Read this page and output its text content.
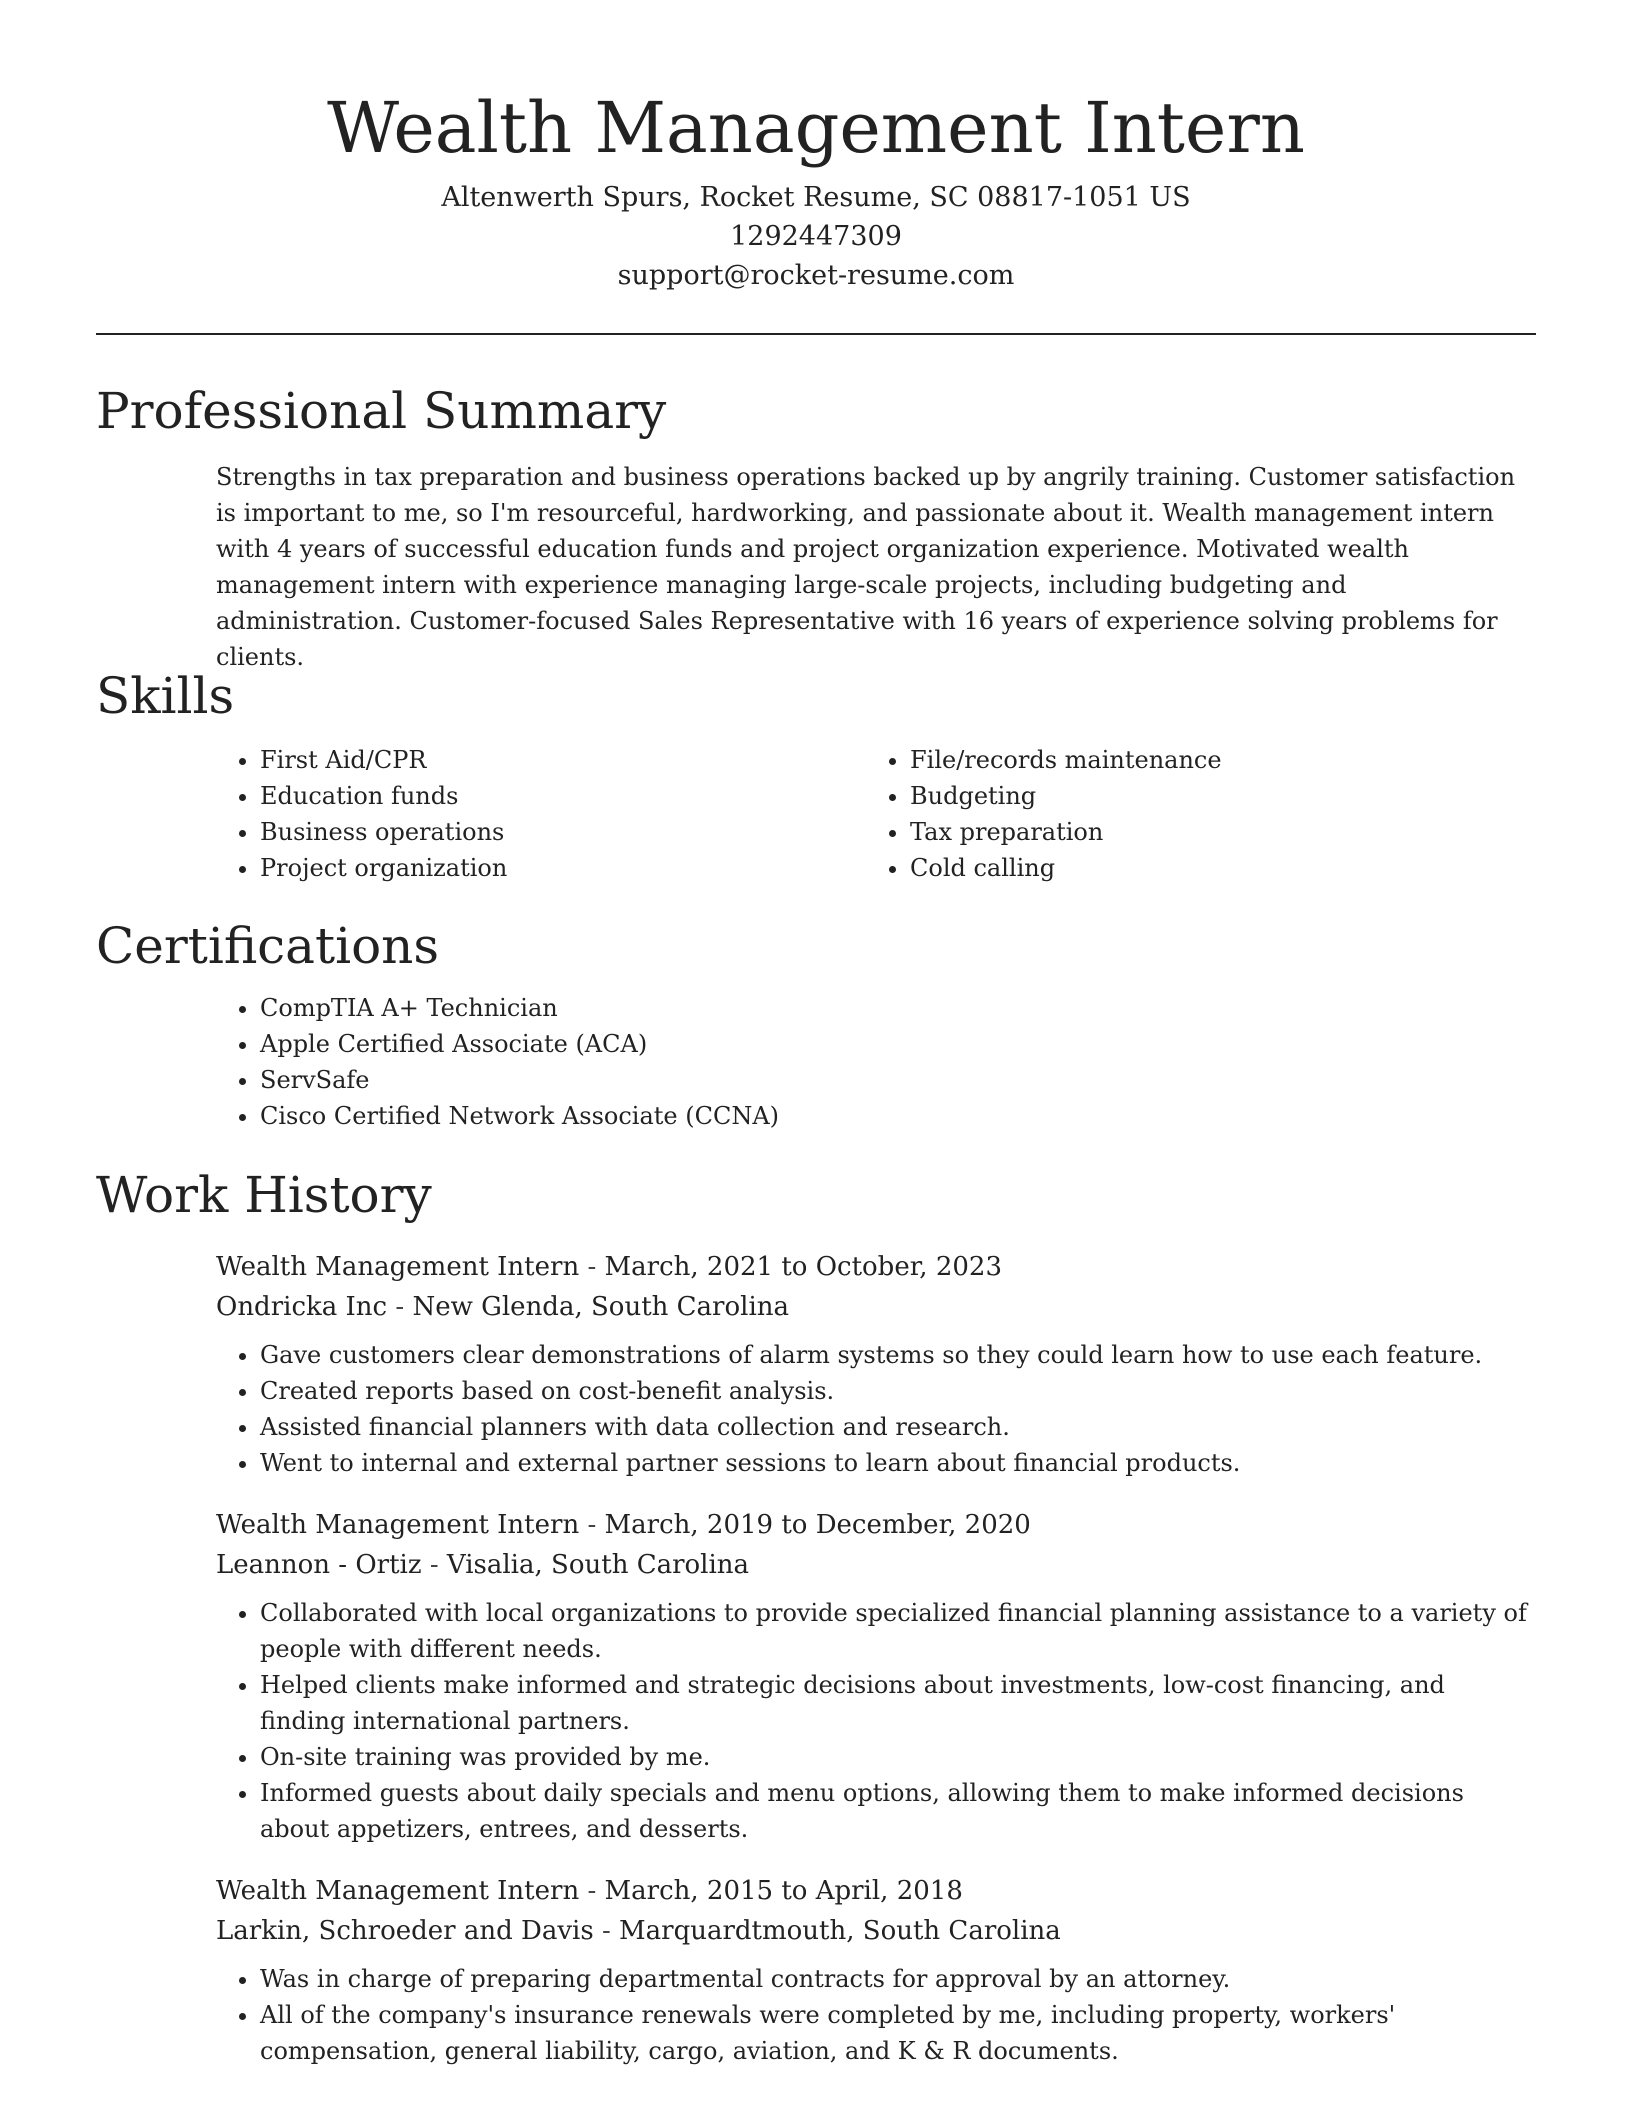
Wealth Management Intern
Altenwerth Spurs, Rocket Resume, SC 08817-1051 US
1292447309
support@rocket-resume.com
Professional Summary
Strengths in tax preparation and business operations backed up by angrily training. Customer satisfaction is important to me, so I'm resourceful, hardworking, and passionate about it. Wealth management intern with 4 years of successful education funds and project organization experience. Motivated wealth management intern with experience managing large-scale projects, including budgeting and administration. Customer-focused Sales Representative with 16 years of experience solving problems for clients.
Skills
• First Aid/CPR
• Education funds
• Business operations
• Project organization
• File/records maintenance
• Budgeting
• Tax preparation
• Cold calling
Certifications
• CompTIA A+ Technician
• Apple Certified Associate (ACA)
• ServSafe
• Cisco Certified Network Associate (CCNA)
Work History
Wealth Management Intern - March, 2021 to October, 2023
Ondricka Inc - New Glenda, South Carolina
• Gave customers clear demonstrations of alarm systems so they could learn how to use each feature.
• Created reports based on cost-benefit analysis.
• Assisted financial planners with data collection and research.
• Went to internal and external partner sessions to learn about financial products.
Wealth Management Intern - March, 2019 to December, 2020
Leannon - Ortiz - Visalia, South Carolina
• Collaborated with local organizations to provide specialized financial planning assistance to a variety of people with different needs.
• Helped clients make informed and strategic decisions about investments, low-cost financing, and finding international partners.
• On-site training was provided by me.
• Informed guests about daily specials and menu options, allowing them to make informed decisions about appetizers, entrees, and desserts.
Wealth Management Intern - March, 2015 to April, 2018
Larkin, Schroeder and Davis - Marquardtmouth, South Carolina
• Was in charge of preparing departmental contracts for approval by an attorney.
• All of the company's insurance renewals were completed by me, including property, workers' compensation, general liability, cargo, aviation, and K & R documents.
